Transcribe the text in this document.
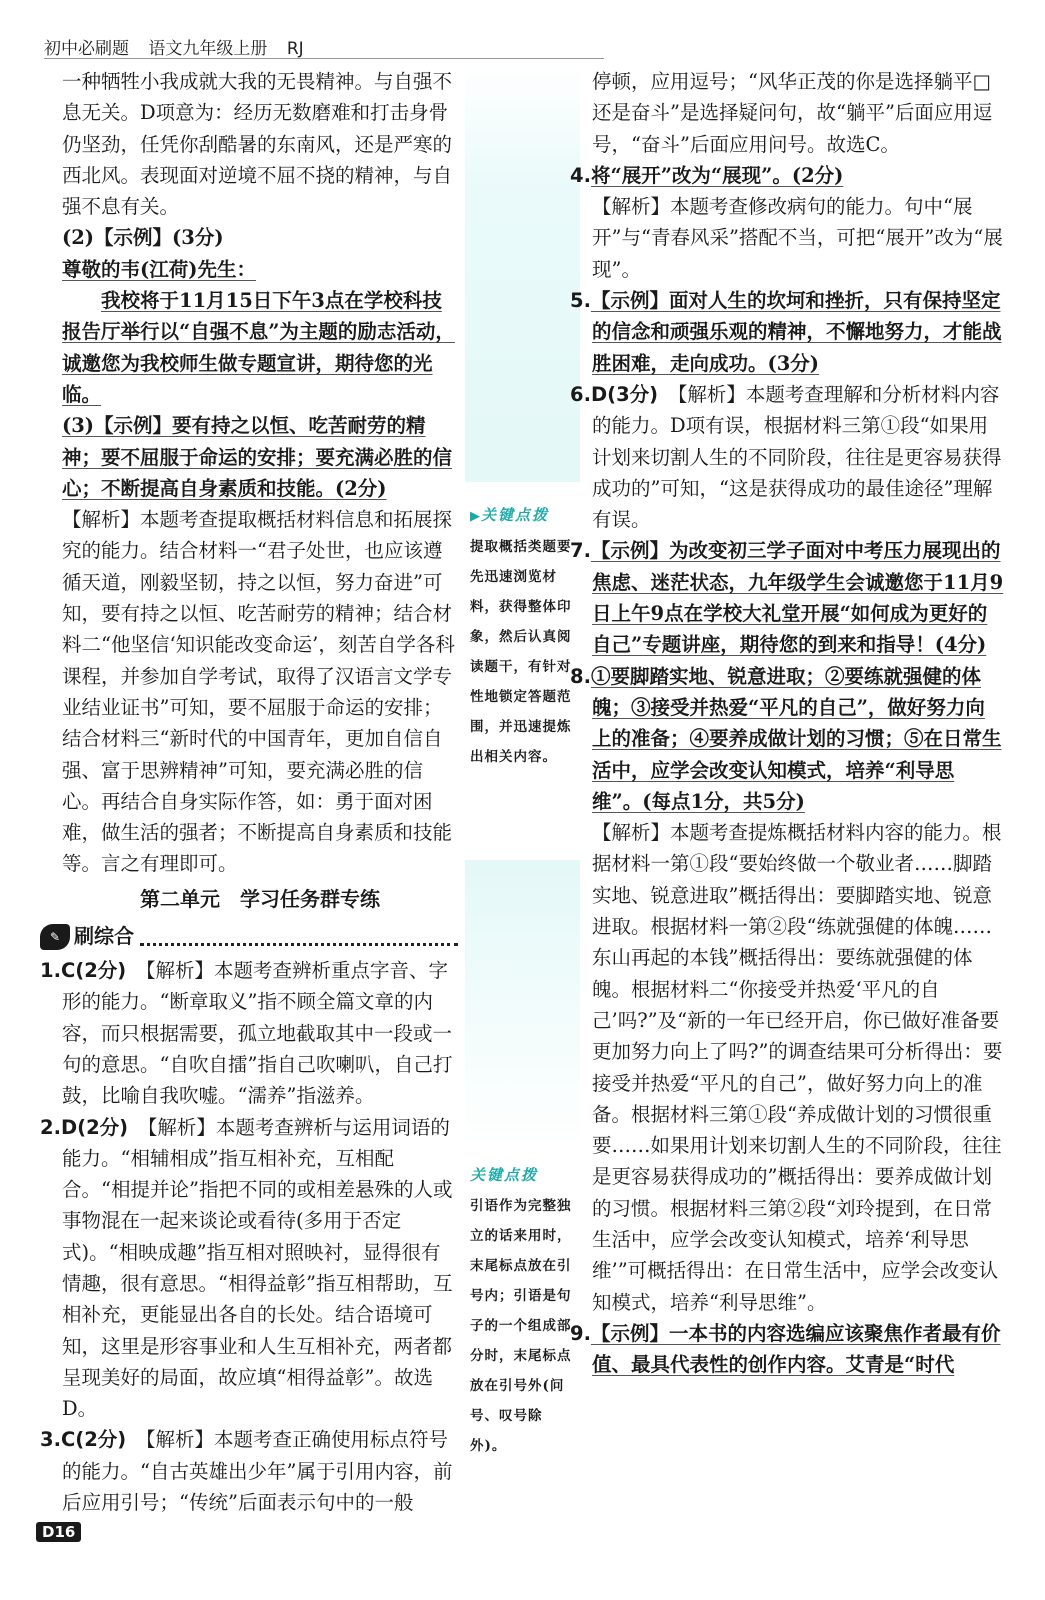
初中必刷题 语文九年级上册 RJ

一种牺牲小我成就大我的无畏精神。与自强不息无关。D项意为：经历无数磨难和打击身骨仍坚劲，任凭你刮酷暑的东南风，还是严寒的西北风。表现面对逆境不屈不挠的精神，与自强不息有关。

(2)【示例】(3分)

尊敬的韦(江荷)先生：

我校将于11月15日下午3点在学校科技报告厅举行以“自强不息”为主题的励志活动，诚邀您为我校师生做专题宣讲，期待您的光临。

(3)【示例】要有持之以恒、吃苦耐劳的精神；要不屈服于命运的安排；要充满必胜的信心；不断提高自身素质和技能。(2分)

【解析】本题考查提取概括材料信息和拓展探究的能力。结合材料一“君子处世，也应该遵循天道，刚毅坚韧，持之以恒，努力奋进”可知，要有持之以恒、吃苦耐劳的精神；结合材料二“他坚信‘知识能改变命运’，刻苦自学各科课程，并参加自学考试，取得了汉语言文学专业结业证书”可知，要不屈服于命运的安排；结合材料三“新时代的中国青年，更加自信自强、富于思辨精神”可知，要充满必胜的信心。再结合自身实际作答，如：勇于面对困难，做生活的强者；不断提高自身素质和技能等。言之有理即可。

第二单元　学习任务群专练

✎ 刷综合

1.C(2分)　 【解析】本题考查辨析重点字音、字形的能力。“断章取义”指不顾全篇文章的内容，而只根据需要，孤立地截取其中一段或一句的意思。“自吹自擂”指自己吹喇叭，自己打鼓，比喻自我吹嘘。“濡养”指滋养。

2.D(2分)　 【解析】本题考查辨析与运用词语的能力。“相辅相成”指互相补充，互相配合。“相提并论”指把不同的或相差悬殊的人或事物混在一起来谈论或看待(多用于否定式)。“相映成趣”指互相对照映衬，显得很有情趣，很有意思。“相得益彰”指互相帮助，互相补充，更能显出各自的长处。结合语境可知，这里是形容事业和人生互相补充，两者都呈现美好的局面，故应填“相得益彰”。故选D。

3.C(2分)　 【解析】本题考查正确使用标点符号的能力。“自古英雄出少年”属于引用内容，前后应用引号；“传统”后面表示句中的一般

▶关键点拨

提取概括类题要先迅速浏览材料，获得整体印象，然后认真阅读题干，有针对性地锁定答题范围，并迅速提炼出相关内容。

关键点拨

引语作为完整独立的话来用时，末尾标点放在引号内；引语是句子的一个组成部分时，末尾标点放在引号外(问号、叹号除外)。

停顿，应用逗号；“风华正茂的你是选择躺平□还是奋斗”是选择疑问句，故“躺平”后面应用逗号，“奋斗”后面应用问号。故选C。

4.将“展开”改为“展现”。(2分)

【解析】本题考查修改病句的能力。句中“展开”与“青春风采”搭配不当，可把“展开”改为“展现”。

5.【示例】面对人生的坎坷和挫折，只有保持坚定的信念和顽强乐观的精神，不懈地努力，才能战胜困难，走向成功。(3分)

6.D(3分)　 【解析】本题考查理解和分析材料内容的能力。D项有误，根据材料三第①段“如果用计划来切割人生的不同阶段，往往是更容易获得成功的”可知，“这是获得成功的最佳途径”理解有误。

7.【示例】为改变初三学子面对中考压力展现出的焦虑、迷茫状态，九年级学生会诚邀您于11月9日上午9点在学校大礼堂开展“如何成为更好的自己”专题讲座，期待您的到来和指导！(4分)

8.①要脚踏实地、锐意进取；②要练就强健的体魄；③接受并热爱“平凡的自己”，做好努力向上的准备；④要养成做计划的习惯；⑤在日常生活中，应学会改变认知模式，培养“利导思维”。(每点1分，共5分)

【解析】本题考查提炼概括材料内容的能力。根据材料一第①段“要始终做一个敬业者……脚踏实地、锐意进取”概括得出：要脚踏实地、锐意进取。根据材料一第②段“练就强健的体魄……东山再起的本钱”概括得出：要练就强健的体魄。根据材料二“你接受并热爱‘平凡的自己’吗?”及“新的一年已经开启，你已做好准备要更加努力向上了吗?”的调查结果可分析得出：要接受并热爱“平凡的自己”，做好努力向上的准备。根据材料三第①段“养成做计划的习惯很重要……如果用计划来切割人生的不同阶段，往往是更容易获得成功的”概括得出：要养成做计划的习惯。根据材料三第②段“刘玲提到，在日常生活中，应学会改变认知模式，培养‘利导思维’”可概括得出：在日常生活中，应学会改变认知模式，培养“利导思维”。

9.【示例】一本书的内容选编应该聚焦作者最有价值、最具代表性的创作内容。艾青是“时代

D16
